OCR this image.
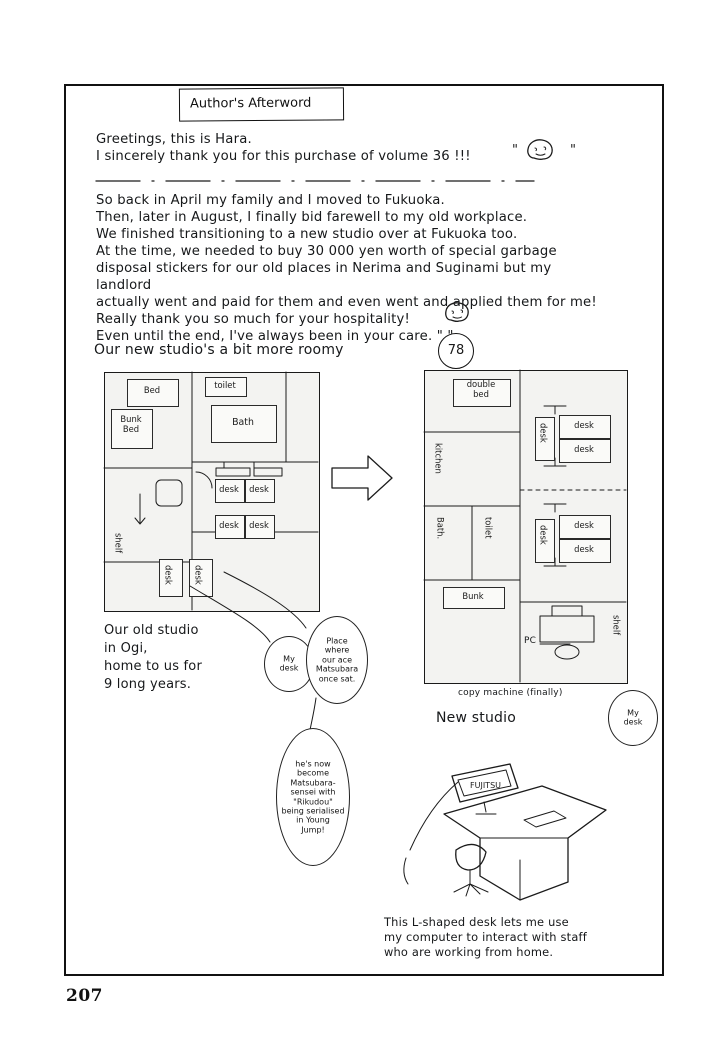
207
Author's Afterword
Greetings, this is Hara.
I sincerely thank you for this purchase of volume 36 !!!	"	"
So back in April my family and I moved to Fukuoka.
Then, later in August, I finally bid farewell to my old workplace.
We finished transitioning to a new studio over at Fukuoka too.
At the time, we needed to buy 30 000 yen worth of special garbage
disposal stickers for our old places in Nerima and Suginami but my landlord
actually went and paid for them and even went and applied them for me!
Really thank you so much for your hospitality!
Even until the end, I've always been in your care. " "
Our new studio's a bit more roomy	78
Bed
Bunk
Bed
toilet
Bath
desk	desk
desk	desk
desk desk
shelf
double
bed
kitchen
Bath.	toilet
Bunk
desk	desk
desk
desk	desk
desk
shelf
PC
copy machine (finally)
New studio
Our old studio
in Ogi,
home to us for
9 long years.
My
desk
Place
where
our ace
Matsubara
once sat.
he's now
become
Matsubara-
sensei with
"Rikudou"
being serialised
in Young
Jump!
My
desk
FUJITSU
This L-shaped desk lets me use
my computer to interact with staff
who are working from home.
